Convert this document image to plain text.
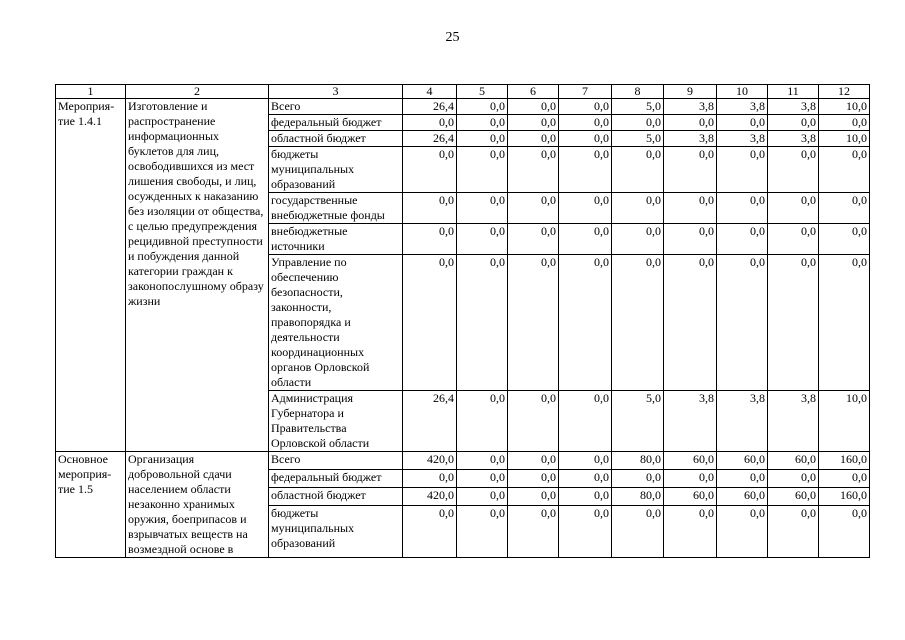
25
1	2	3	4	5	6	7	8	9	10	11	12
Мероприя-
тие 1.4.1	Изготовление и распространение информационных буклетов для лиц, освободившихся из мест лишения свободы, и лиц, осужденных к наказанию без изоляции от общества, с целью предупреждения рецидивной преступности и побуждения данной категории граждан к законопослушному образу жизни	Всего	26,4	0,0	0,0	0,0	5,0	3,8	3,8	3,8	10,0
		федеральный бюджет	0,0	0,0	0,0	0,0	0,0	0,0	0,0	0,0	0,0
		областной бюджет	26,4	0,0	0,0	0,0	5,0	3,8	3,8	3,8	10,0
		бюджеты муниципальных образований	0,0	0,0	0,0	0,0	0,0	0,0	0,0	0,0	0,0
		государственные внебюджетные фонды	0,0	0,0	0,0	0,0	0,0	0,0	0,0	0,0	0,0
		внебюджетные источники	0,0	0,0	0,0	0,0	0,0	0,0	0,0	0,0	0,0
		Управление по обеспечению безопасности, законности, правопорядка и деятельности координационных органов Орловской области	0,0	0,0	0,0	0,0	0,0	0,0	0,0	0,0	0,0
		Администрация Губернатора и Правительства Орловской области	26,4	0,0	0,0	0,0	5,0	3,8	3,8	3,8	10,0
Основное мероприя-
тие 1.5	Организация добровольной сдачи населением области незаконно хранимых оружия, боеприпасов и взрывчатых веществ на возмездной основе в	Всего	420,0	0,0	0,0	0,0	80,0	60,0	60,0	60,0	160,0
		федеральный бюджет	0,0	0,0	0,0	0,0	0,0	0,0	0,0	0,0	0,0
		областной бюджет	420,0	0,0	0,0	0,0	80,0	60,0	60,0	60,0	160,0
		бюджеты муниципальных образований	0,0	0,0	0,0	0,0	0,0	0,0	0,0	0,0	0,0
